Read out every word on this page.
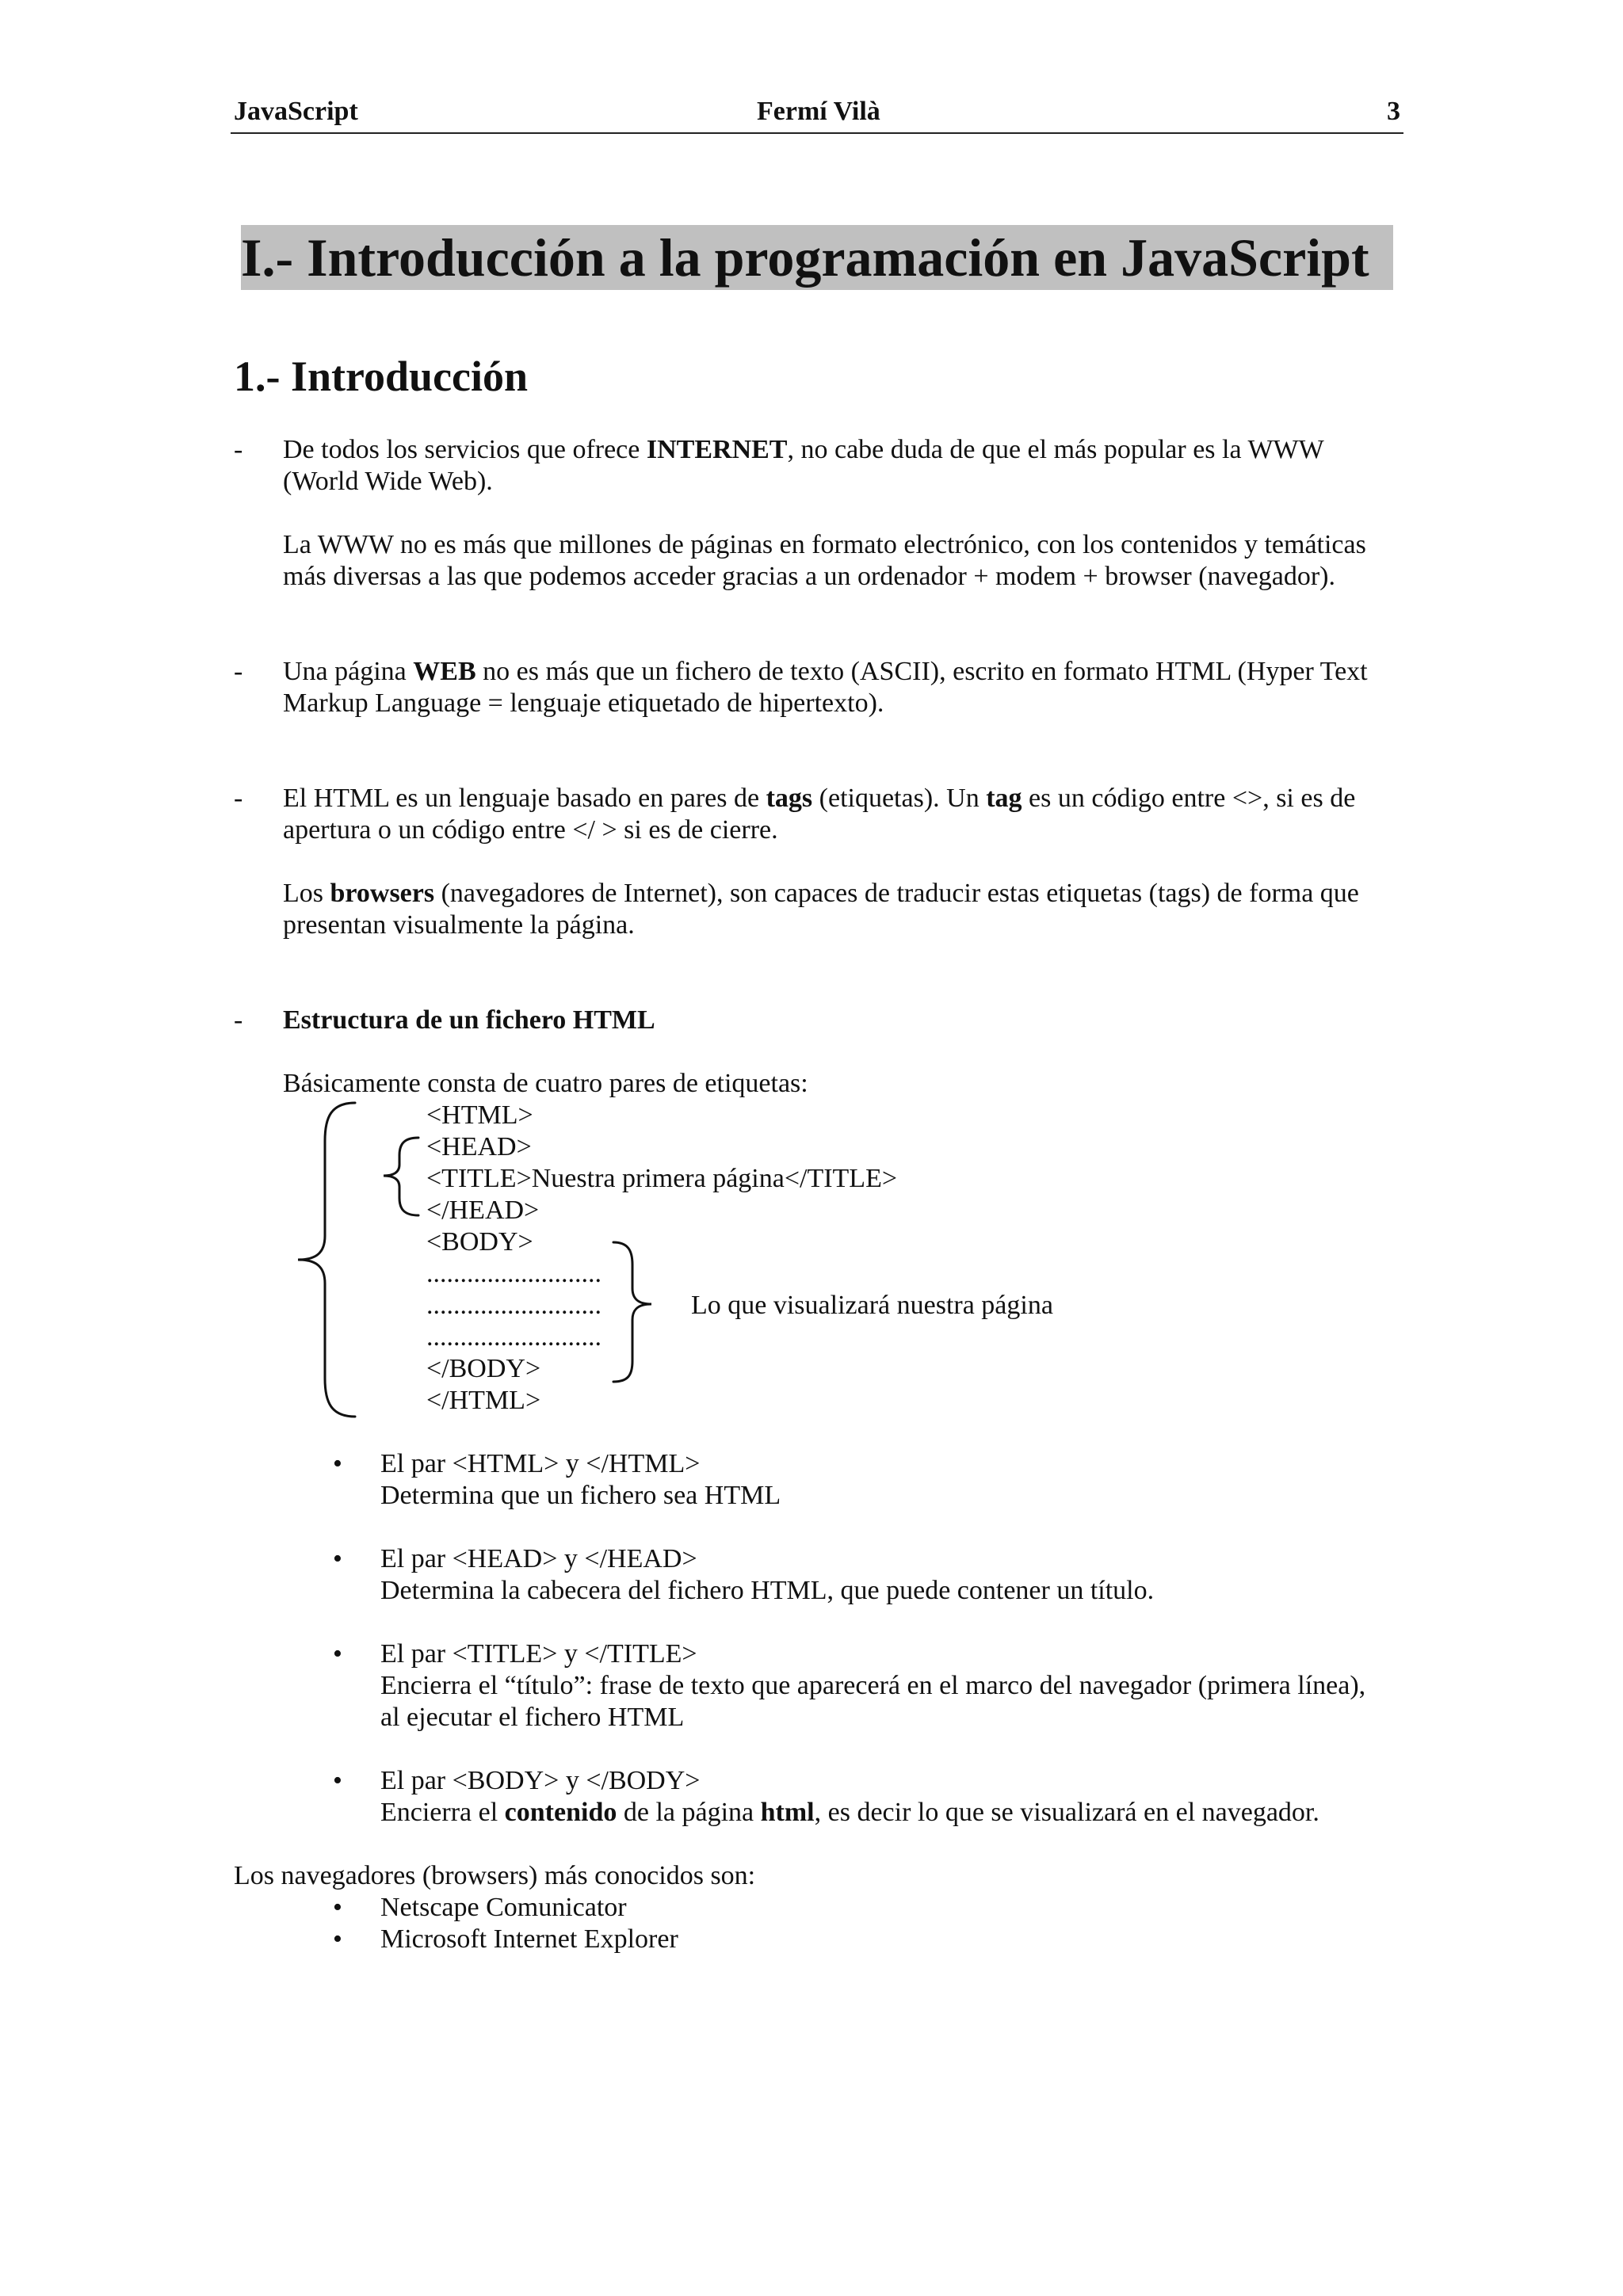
JavaScript	Fermí Vilà	3
I.- Introducción a la programación en JavaScript
1.- Introducción
- De todos los servicios que ofrece INTERNET, no cabe duda de que el más popular es la WWW
(World Wide Web).
La WWW no es más que millones de páginas en formato electrónico, con los contenidos y temáticas
más diversas a las que podemos acceder gracias a un ordenador + modem + browser (navegador).
- Una página WEB no es más que un fichero de texto (ASCII), escrito en formato HTML (Hyper Text
Markup Language = lenguaje etiquetado de hipertexto).
- El HTML es un lenguaje basado en pares de tags (etiquetas). Un tag es un código entre <>, si es de
apertura o un código entre </ > si es de cierre.
Los browsers (navegadores de Internet), son capaces de traducir estas etiquetas (tags) de forma que
presentan visualmente la página.
- Estructura de un fichero HTML
Básicamente consta de cuatro pares de etiquetas:
<HTML>
<HEAD>
<TITLE>Nuestra primera página</TITLE>
</HEAD>
<BODY>
..........................
..........................
..........................
</BODY>
</HTML>
Lo que visualizará nuestra página
• El par <HTML> y </HTML>
Determina que un fichero sea HTML
• El par <HEAD> y </HEAD>
Determina la cabecera del fichero HTML, que puede contener un título.
• El par <TITLE> y </TITLE>
Encierra el “título”: frase de texto que aparecerá en el marco del navegador (primera línea),
al ejecutar el fichero HTML
• El par <BODY> y </BODY>
Encierra el contenido de la página html, es decir lo que se visualizará en el navegador.
Los navegadores (browsers) más conocidos son:
• Netscape Comunicator
• Microsoft Internet Explorer
